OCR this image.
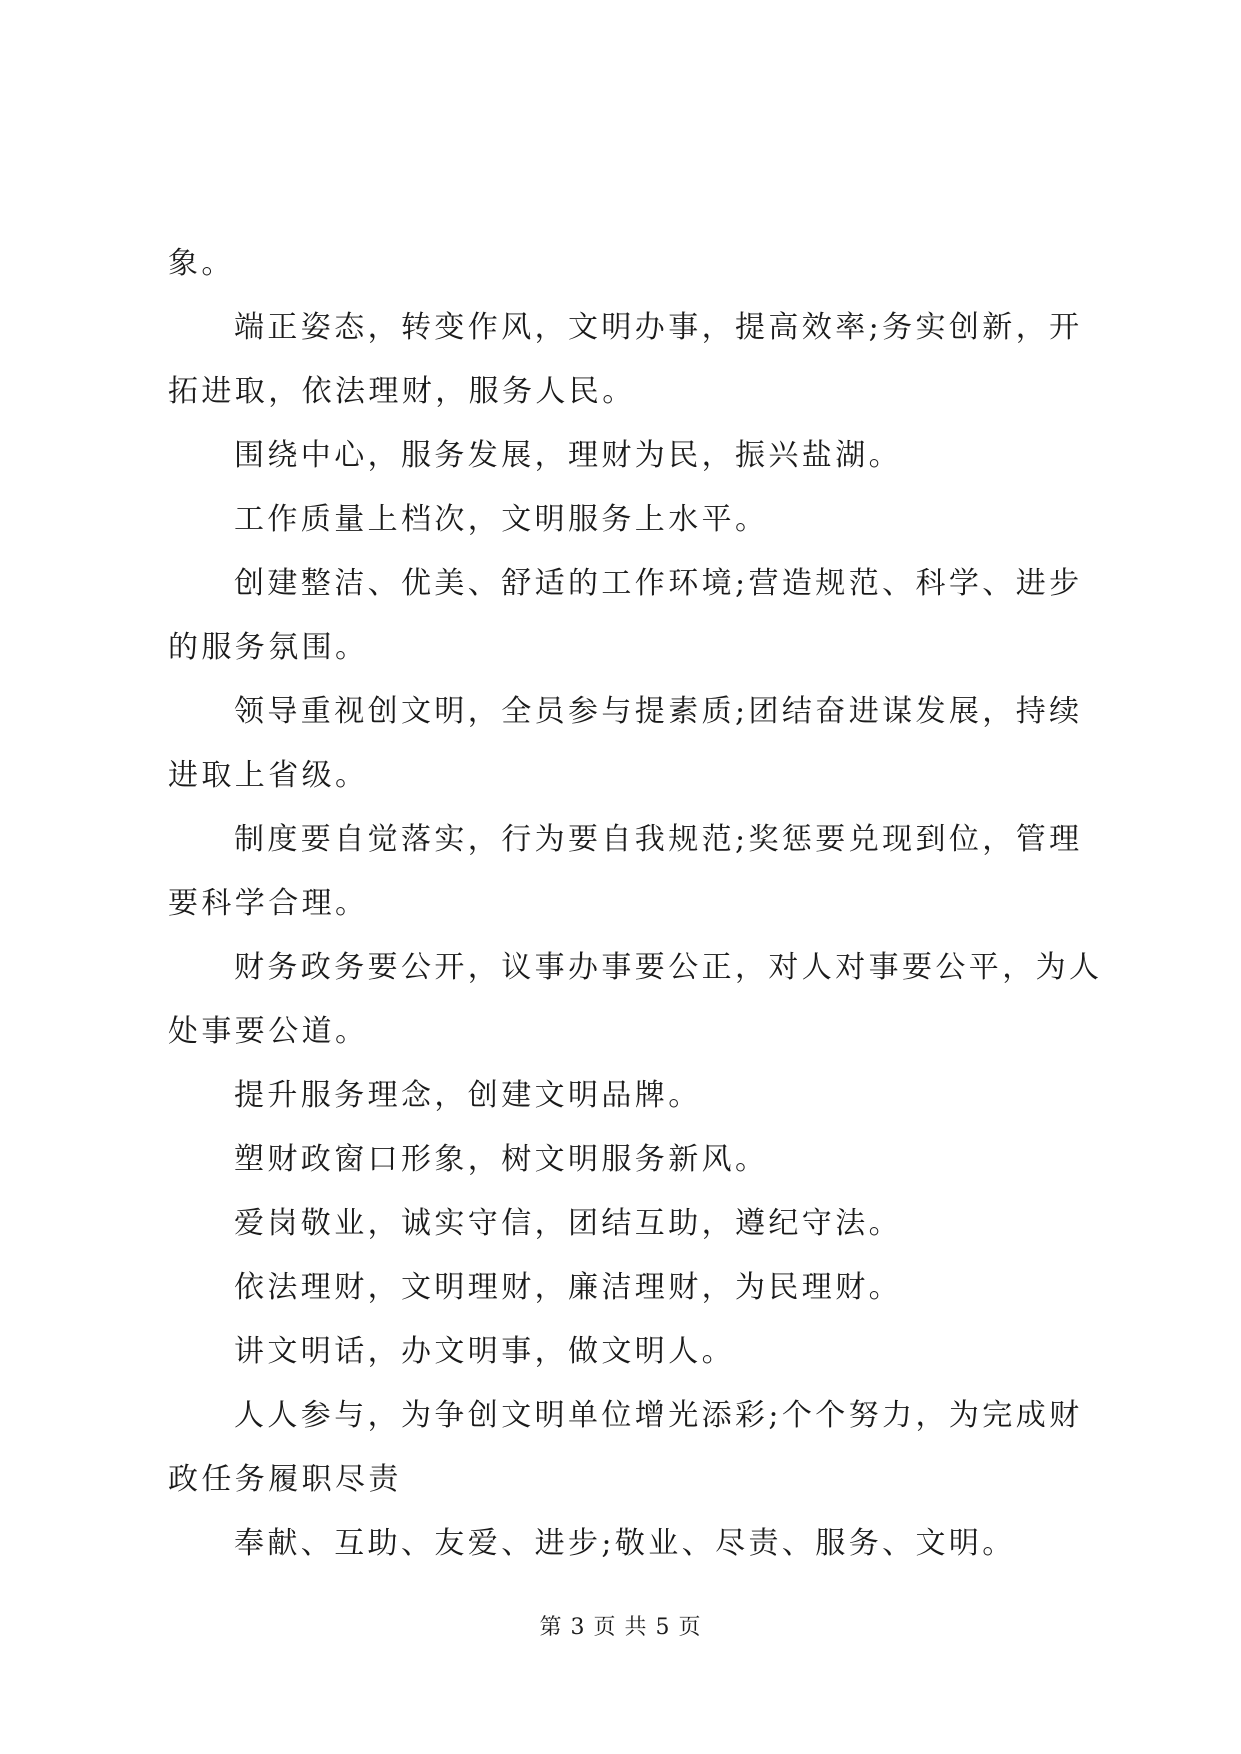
象。
端正姿态，转变作风，文明办事，提高效率;务实创新，开
拓进取，依法理财，服务人民。
围绕中心，服务发展，理财为民，振兴盐湖。
工作质量上档次，文明服务上水平。
创建整洁、优美、舒适的工作环境;营造规范、科学、进步
的服务氛围。
领导重视创文明，全员参与提素质;团结奋进谋发展，持续
进取上省级。
制度要自觉落实，行为要自我规范;奖惩要兑现到位，管理
要科学合理。
财务政务要公开，议事办事要公正，对人对事要公平，为人
处事要公道。
提升服务理念，创建文明品牌。
塑财政窗口形象，树文明服务新风。
爱岗敬业，诚实守信，团结互助，遵纪守法。
依法理财，文明理财，廉洁理财，为民理财。
讲文明话，办文明事，做文明人。
人人参与，为争创文明单位增光添彩;个个努力，为完成财
政任务履职尽责
奉献、互助、友爱、进步;敬业、尽责、服务、文明。
第 3 页 共 5 页
